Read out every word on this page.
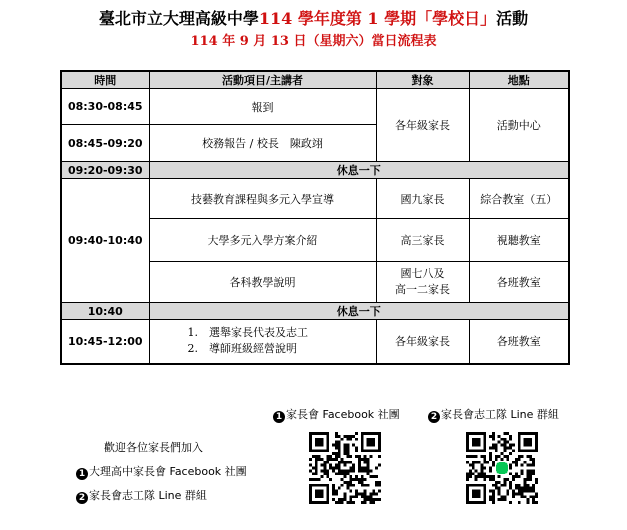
臺北市立大理高級中學114 學年度第 1 學期「學校日」活動
114 年 9 月 13 日（星期六）當日流程表
時間	活動項目/主講者	對象	地點
08:30-08:45	報到	各年級家長	活動中心
08:45-09:20	校務報告 / 校長　陳政翊		
09:20-09:30	休息一下		
09:40-10:40	技藝教育課程與多元入學宣導	國九家長	綜合教室（五）
	大學多元入學方案介紹	高三家長	視聽教室
	各科教學說明	國七八及
高一二家長	各班教室
10:40	休息一下		
10:45-12:00	1.　選舉家長代表及志工
2.　導師班級經營說明	各年級家長	各班教室
1 家長會 Facebook 社團	2 家長會志工隊 Line 群組
歡迎各位家長們加入
1 大理高中家長會 Facebook 社團
2 家長會志工隊 Line 群組
